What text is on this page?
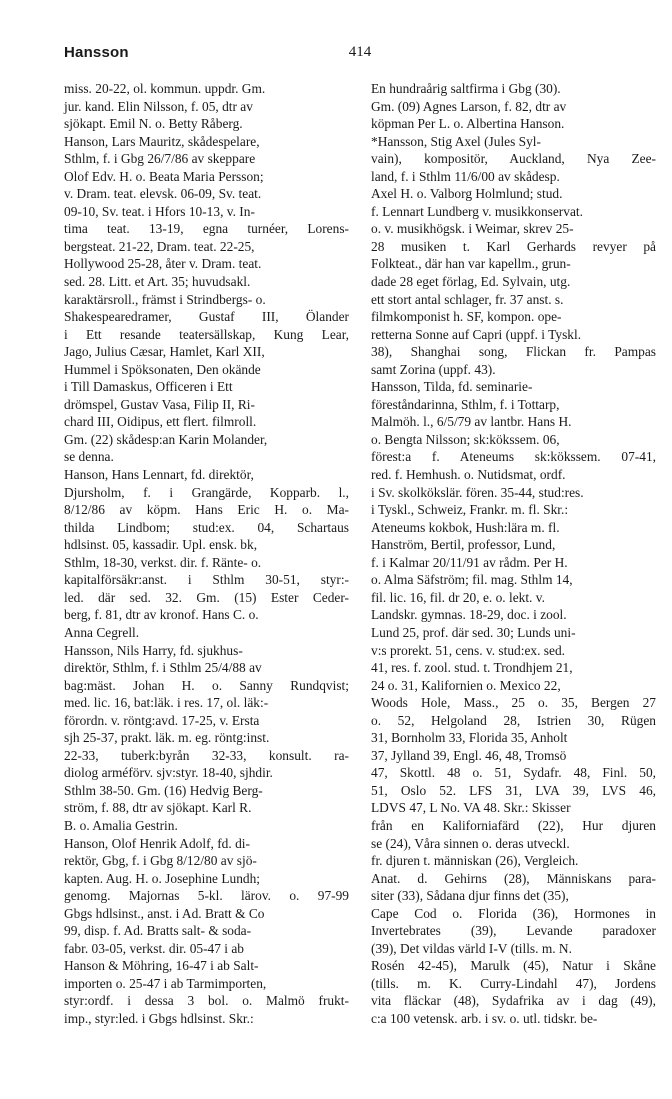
Hansson	414
miss. 20-22, ol. kommun. uppdr. Gm.
jur. kand. Elin Nilsson, f. 05, dtr av
sjökapt. Emil N. o. Betty Råberg.
Hanson, Lars Mauritz, skådespelare,
Sthlm, f. i Gbg 26/7/86 av skeppare
Olof Edv. H. o. Beata Maria Persson;
v. Dram. teat. elevsk. 06-09, Sv. teat.
09-10, Sv. teat. i Hfors 10-13, v. In-
tima teat. 13-19, egna turnéer, Lorens-
bergsteat. 21-22, Dram. teat. 22-25,
Hollywood 25-28, åter v. Dram. teat.
sed. 28. Litt. et Art. 35; huvudsakl.
karaktärsroll., främst i Strindbergs- o.
Shakespearedramer, Gustaf III, Ölander
i Ett resande teatersällskap, Kung Lear,
Jago, Julius Cæsar, Hamlet, Karl XII,
Hummel i Spöksonaten, Den okände
i Till Damaskus, Officeren i Ett
drömspel, Gustav Vasa, Filip II, Ri-
chard III, Oidipus, ett flert. filmroll.
Gm. (22) skådesp:an Karin Molander,
se denna.
Hanson, Hans Lennart, fd. direktör,
Djursholm, f. i Grangärde, Kopparb. l.,
8/12/86 av köpm. Hans Eric H. o. Ma-
thilda Lindbom; stud:ex. 04, Schartaus
hdlsinst. 05, kassadir. Upl. ensk. bk,
Sthlm, 18-30, verkst. dir. f. Ränte- o.
kapitalförsäkr:anst. i Sthlm 30-51, styr:-
led. där sed. 32. Gm. (15) Ester Ceder-
berg, f. 81, dtr av kronof. Hans C. o.
Anna Cegrell.
Hansson, Nils Harry, fd. sjukhus-
direktör, Sthlm, f. i Sthlm 25/4/88 av
bag:mäst. Johan H. o. Sanny Rundqvist;
med. lic. 16, bat:läk. i res. 17, ol. läk:-
förordn. v. röntg:avd. 17-25, v. Ersta
sjh 25-37, prakt. läk. m. eg. röntg:inst.
22-33, tuberk:byrån 32-33, konsult. ra-
diolog arméförv. sjv:styr. 18-40, sjhdir.
Sthlm 38-50. Gm. (16) Hedvig Berg-
ström, f. 88, dtr av sjökapt. Karl R.
B. o. Amalia Gestrin.
Hanson, Olof Henrik Adolf, fd. di-
rektör, Gbg, f. i Gbg 8/12/80 av sjö-
kapten. Aug. H. o. Josephine Lundh;
genomg. Majornas 5-kl. lärov. o. 97-99
Gbgs hdlsinst., anst. i Ad. Bratt & Co
99, disp. f. Ad. Bratts salt- & soda-
fabr. 03-05, verkst. dir. 05-47 i ab
Hanson & Möhring, 16-47 i ab Salt-
importen o. 25-47 i ab Tarmimporten,
styr:ordf. i dessa 3 bol. o. Malmö frukt-
imp., styr:led. i Gbgs hdlsinst. Skr.:
En hundraårig saltfirma i Gbg (30).
Gm. (09) Agnes Larson, f. 82, dtr av
köpman Per L. o. Albertina Hanson.
*Hansson, Stig Axel (Jules Syl-
vain), kompositör, Auckland, Nya Zee-
land, f. i Sthlm 11/6/00 av skådesp.
Axel H. o. Valborg Holmlund; stud.
f. Lennart Lundberg v. musikkonservat.
o. v. musikhögsk. i Weimar, skrev 25-
28 musiken t. Karl Gerhards revyer på
Folkteat., där han var kapellm., grun-
dade 28 eget förlag, Ed. Sylvain, utg.
ett stort antal schlager, fr. 37 anst. s.
filmkomponist h. SF, kompon. ope-
retterna Sonne auf Capri (uppf. i Tyskl.
38), Shanghai song, Flickan fr. Pampas
samt Zorina (uppf. 43).
Hansson, Tilda, fd. seminarie-
föreståndarinna, Sthlm, f. i Tottarp,
Malmöh. l., 6/5/79 av lantbr. Hans H.
o. Bengta Nilsson; sk:kökssem. 06,
förest:a f. Ateneums sk:kökssem. 07-41,
red. f. Hemhush. o. Nutidsmat, ordf.
i Sv. skolkökslär. fören. 35-44, stud:res.
i Tyskl., Schweiz, Frankr. m. fl. Skr.:
Ateneums kokbok, Hush:lära m. fl.
Hanström, Bertil, professor, Lund,
f. i Kalmar 20/11/91 av rådm. Per H.
o. Alma Säfström; fil. mag. Sthlm 14,
fil. lic. 16, fil. dr 20, e. o. lekt. v.
Landskr. gymnas. 18-29, doc. i zool.
Lund 25, prof. där sed. 30; Lunds uni-
v:s prorekt. 51, cens. v. stud:ex. sed.
41, res. f. zool. stud. t. Trondhjem 21,
24 o. 31, Kalifornien o. Mexico 22,
Woods Hole, Mass., 25 o. 35, Bergen 27
o. 52, Helgoland 28, Istrien 30, Rügen
31, Bornholm 33, Florida 35, Anholt
37, Jylland 39, Engl. 46, 48, Tromsö
47, Skottl. 48 o. 51, Sydafr. 48, Finl. 50,
51, Oslo 52. LFS 31, LVA 39, LVS 46,
LDVS 47, L No. VA 48. Skr.: Skisser
från en Kaliforniafärd (22), Hur djuren
se (24), Våra sinnen o. deras utveckl.
fr. djuren t. människan (26), Vergleich.
Anat. d. Gehirns (28), Människans para-
siter (33), Sådana djur finns det (35),
Cape Cod o. Florida (36), Hormones in
Invertebrates (39), Levande paradoxer
(39), Det vildas värld I-V (tills. m. N.
Rosén 42-45), Marulk (45), Natur i Skåne
(tills. m. K. Curry-Lindahl 47), Jordens
vita fläckar (48), Sydafrika av i dag (49),
c:a 100 vetensk. arb. i sv. o. utl. tidskr. be-
